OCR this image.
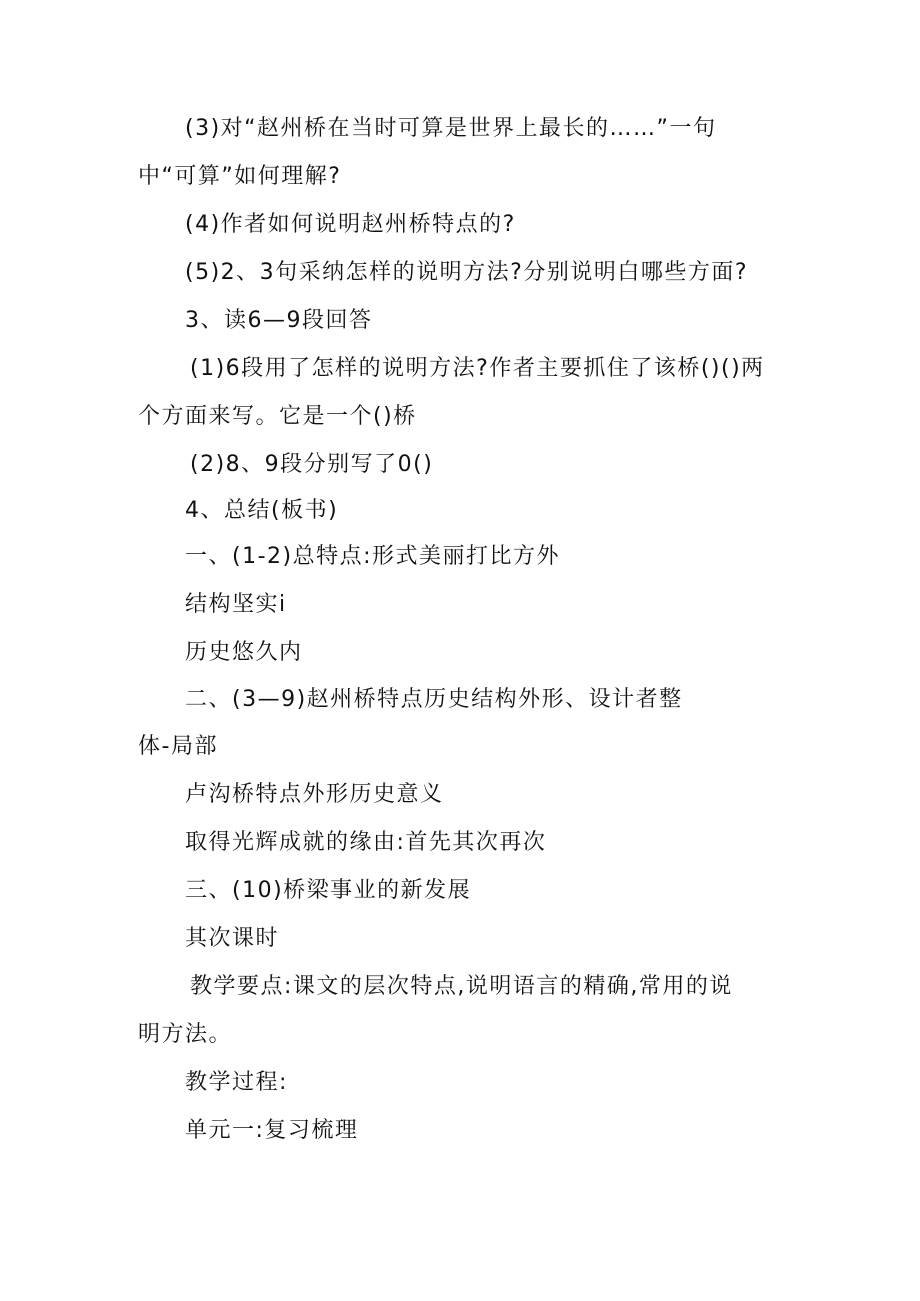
(3)对“赵州桥在当时可算是世界上最长的……”一句
中“可算”如何理解?
(4)作者如何说明赵州桥特点的?
(5)2、3句采纳怎样的说明方法?分别说明白哪些方面?
3、读6—9段回答
(1)6段用了怎样的说明方法?作者主要抓住了该桥()()两
个方面来写。它是一个()桥
(2)8、9段分别写了0()
4、总结(板书)
一、(1-2)总特点:形式美丽打比方外
结构坚实i
历史悠久内
二、(3—9)赵州桥特点历史结构外形、设计者整
体-局部
卢沟桥特点外形历史意义
取得光辉成就的缘由:首先其次再次
三、(10)桥梁事业的新发展
其次课时
教学要点:课文的层次特点,说明语言的精确,常用的说
明方法。
教学过程:
单元一:复习梳理
